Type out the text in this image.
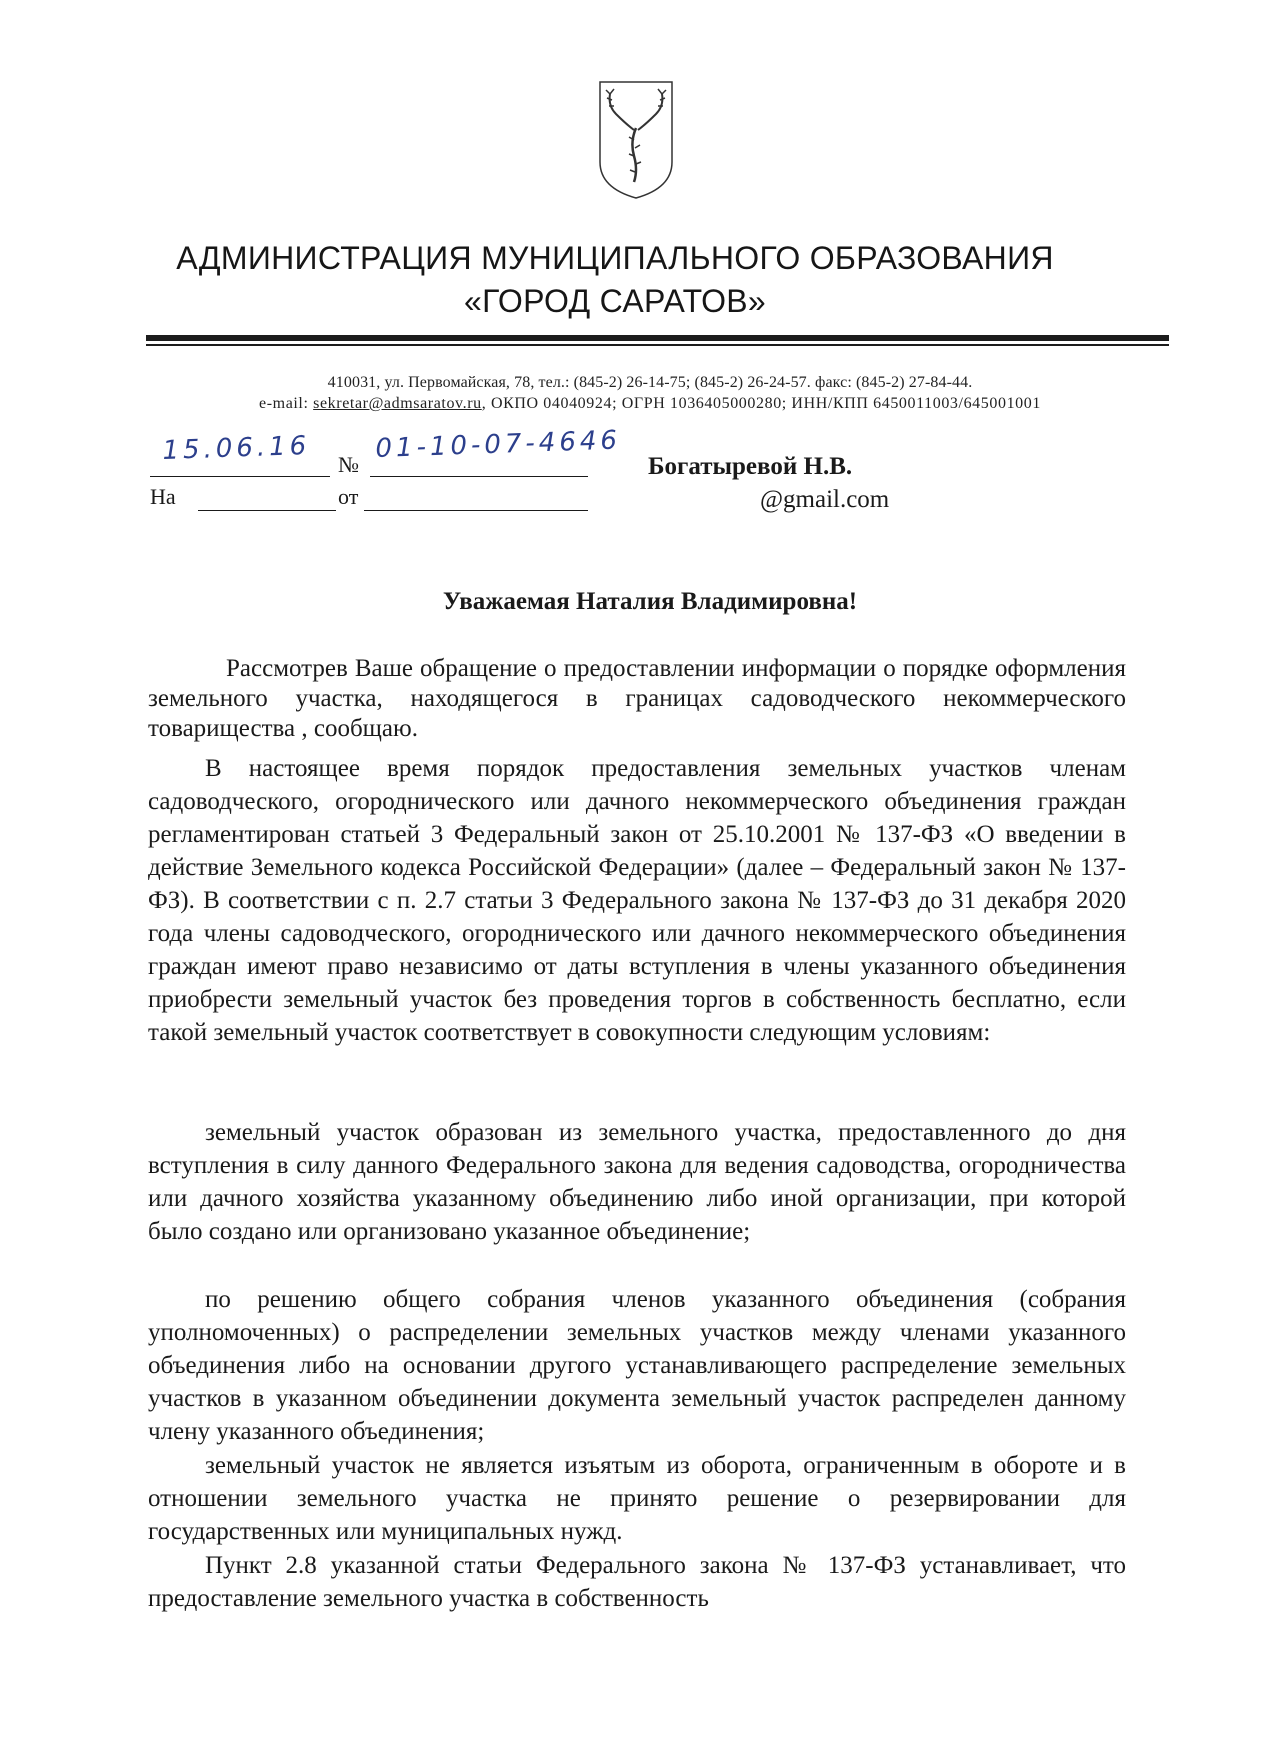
АДМИНИСТРАЦИЯ МУНИЦИПАЛЬНОГО ОБРАЗОВАНИЯ
«ГОРОД САРАТОВ»
410031, ул. Первомайская, 78, тел.: (845-2) 26-14-75; (845-2) 26-24-57. факс: (845-2) 27-84-44.
e-mail: sekretar@admsaratov.ru, ОКПО 04040924; ОГРН 1036405000280; ИНН/КПП 6450011003/645001001
15.06.16 №
01-10-07-4646
На	от
Богатыревой Н.В.
@gmail.com
Уважаемая Наталия Владимировна!
Рассмотрев Ваше обращение о предоставлении информации о порядке оформления земельного участка, находящегося в границах садоводческого некоммерческого товарищества , сообщаю.
В настоящее время порядок предоставления земельных участков членам садоводческого, огороднического или дачного некоммерческого объединения граждан регламентирован статьей 3 Федеральный закон от 25.10.2001 № 137-ФЗ «О введении в действие Земельного кодекса Российской Федерации» (далее – Федеральный закон № 137-ФЗ). В соответствии с п. 2.7 статьи 3 Федерального закона № 137-ФЗ до 31 декабря 2020 года члены садоводческого, огороднического или дачного некоммерческого объединения граждан имеют право независимо от даты вступления в члены указанного объединения приобрести земельный участок без проведения торгов в собственность бесплатно, если такой земельный участок соответствует в совокупности следующим условиям:
земельный участок образован из земельного участка, предоставленного до дня вступления в силу данного Федерального закона для ведения садоводства, огородничества или дачного хозяйства указанному объединению либо иной организации, при которой было создано или организовано указанное объединение;
по решению общего собрания членов указанного объединения (собрания уполномоченных) о распределении земельных участков между членами указанного объединения либо на основании другого устанавливающего распределение земельных участков в указанном объединении документа земельный участок распределен данному члену указанного объединения;
земельный участок не является изъятым из оборота, ограниченным в обороте и в отношении земельного участка не принято решение о резервировании для государственных или муниципальных нужд.
Пункт 2.8 указанной статьи Федерального закона № 137-ФЗ устанавливает, что предоставление земельного участка в собственность
